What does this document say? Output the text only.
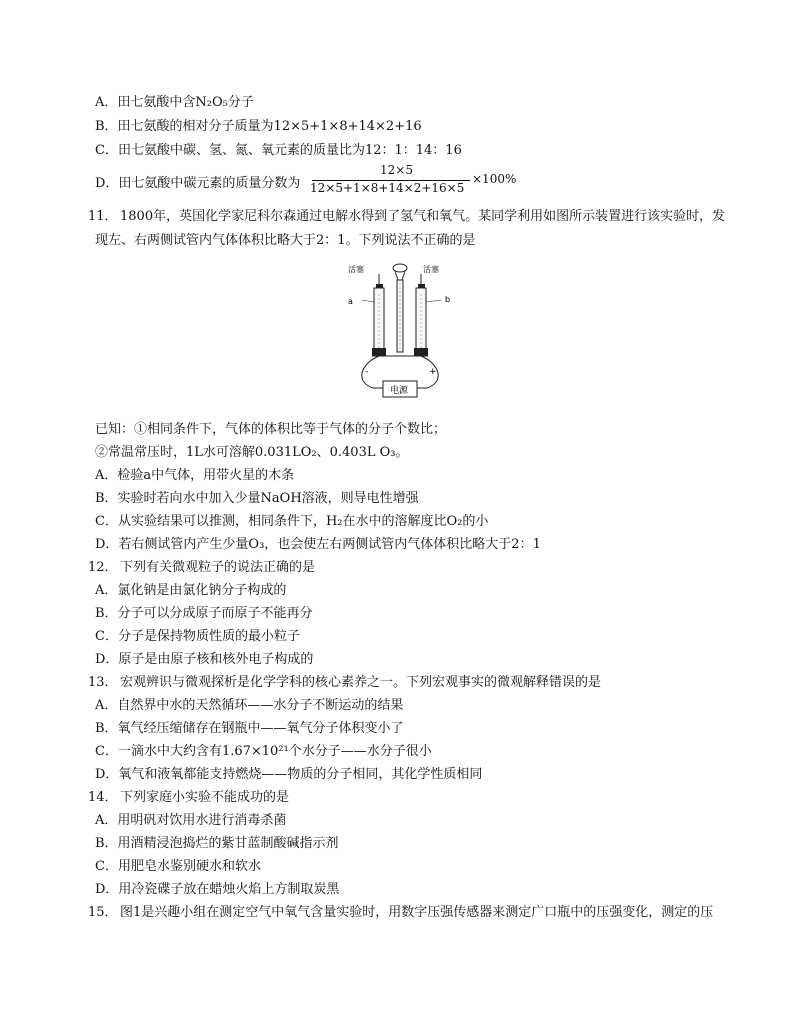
A．田七氨酸中含N₂O₅分子
B．田七氨酸的相对分子质量为12×5+1×8+14×2+16
C．田七氨酸中碳、氢、氮、氧元素的质量比为12：1：14：16
D．田七氨酸中碳元素的质量分数为
12×5
12×5+1×8+14×2+16×5
×100%
11． 1800年，英国化学家尼科尔森通过电解水得到了氢气和氧气。某同学利用如图所示装置进行该实验时，发
现左、右两侧试管内气体体积比略大于2：1。下列说法不正确的是
活塞	活塞
a	b
-	+
电源
已知：①相同条件下，气体的体积比等于气体的分子个数比；
②常温常压时，1L水可溶解0.031LO₂、0.403L O₃。
A．检验a中气体，用带火星的木条
B．实验时若向水中加入少量NaOH溶液，则导电性增强
C．从实验结果可以推测，相同条件下，H₂在水中的溶解度比O₂的小
D．若右侧试管内产生少量O₃，也会使左右两侧试管内气体体积比略大于2：1
12． 下列有关微观粒子的说法正确的是
A．氯化钠是由氯化钠分子构成的
B．分子可以分成原子而原子不能再分
C．分子是保持物质性质的最小粒子
D．原子是由原子核和核外电子构成的
13． 宏观辨识与微观探析是化学学科的核心素养之一。下列宏观事实的微观解释错误的是
A．自然界中水的天然循环——水分子不断运动的结果
B．氧气经压缩储存在钢瓶中——氧气分子体积变小了
C．一滴水中大约含有1.67×10²¹个水分子——水分子很小
D．氧气和液氧都能支持燃烧——物质的分子相同，其化学性质相同
14． 下列家庭小实验不能成功的是
A．用明矾对饮用水进行消毒杀菌
B．用酒精浸泡捣烂的紫甘蓝制酸碱指示剂
C．用肥皂水鉴别硬水和软水
D．用冷瓷碟子放在蜡烛火焰上方制取炭黑
15． 图1是兴趣小组在测定空气中氧气含量实验时，用数字压强传感器来测定广口瓶中的压强变化，测定的压
